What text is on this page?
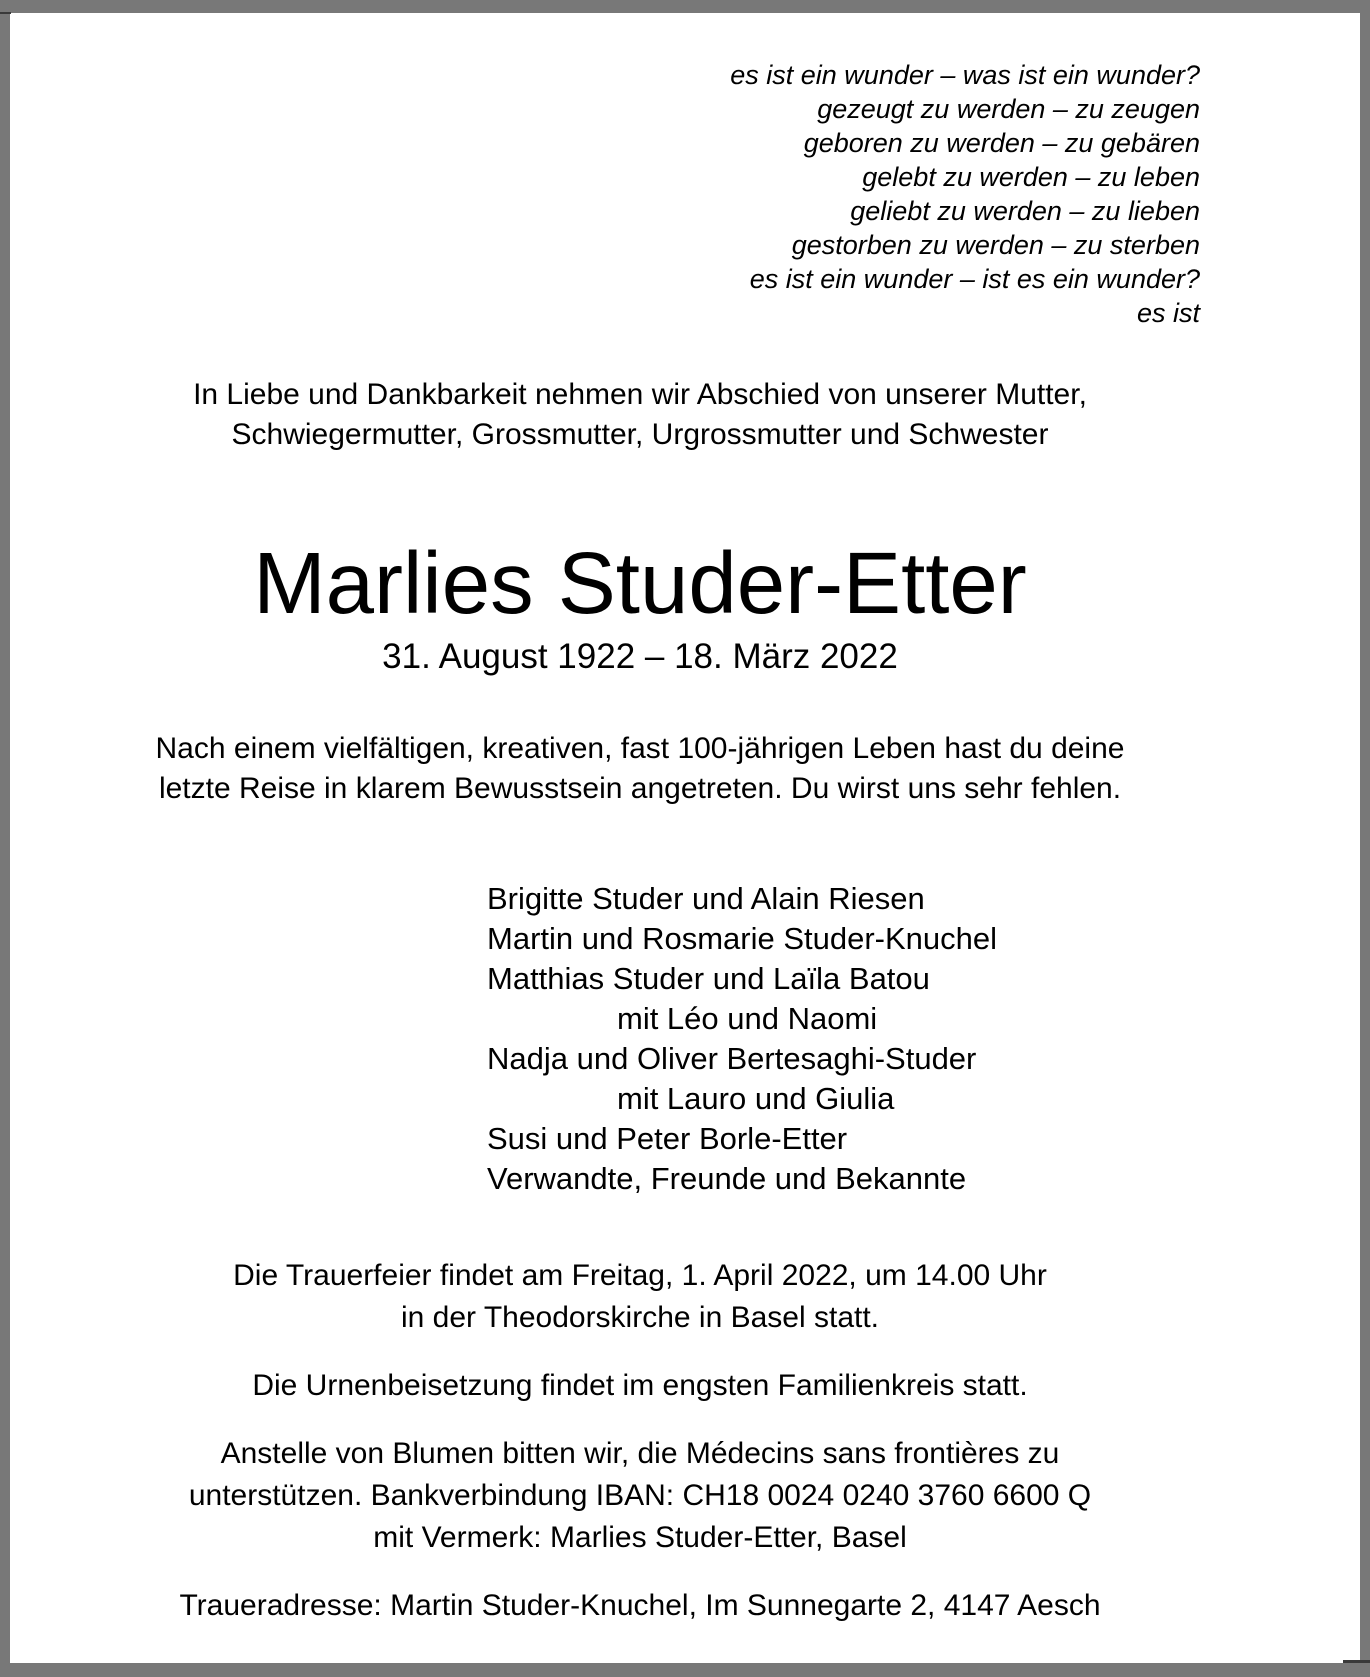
es ist ein wunder – was ist ein wunder?
gezeugt zu werden – zu zeugen
geboren zu werden – zu gebären
gelebt zu werden – zu leben
geliebt zu werden – zu lieben
gestorben zu werden – zu sterben
es ist ein wunder – ist es ein wunder?
es ist
In Liebe und Dankbarkeit nehmen wir Abschied von unserer Mutter,
Schwiegermutter, Grossmutter, Urgrossmutter und Schwester
Marlies Studer-Etter
31. August 1922 – 18. März 2022
Nach einem vielfältigen, kreativen, fast 100-jährigen Leben hast du deine
letzte Reise in klarem Bewusstsein angetreten. Du wirst uns sehr fehlen.
Brigitte Studer und Alain Riesen
Martin und Rosmarie Studer-Knuchel
Matthias Studer und Laïla Batou
mit Léo und Naomi
Nadja und Oliver Bertesaghi-Studer
mit Lauro und Giulia
Susi und Peter Borle-Etter
Verwandte, Freunde und Bekannte
Die Trauerfeier findet am Freitag, 1. April 2022, um 14.00 Uhr
in der Theodorskirche in Basel statt.
Die Urnenbeisetzung findet im engsten Familienkreis statt.
Anstelle von Blumen bitten wir, die Médecins sans frontières zu
unterstützen. Bankverbindung IBAN: CH18 0024 0240 3760 6600 Q
mit Vermerk: Marlies Studer-Etter, Basel
Traueradresse: Martin Studer-Knuchel, Im Sunnegarte 2, 4147 Aesch
